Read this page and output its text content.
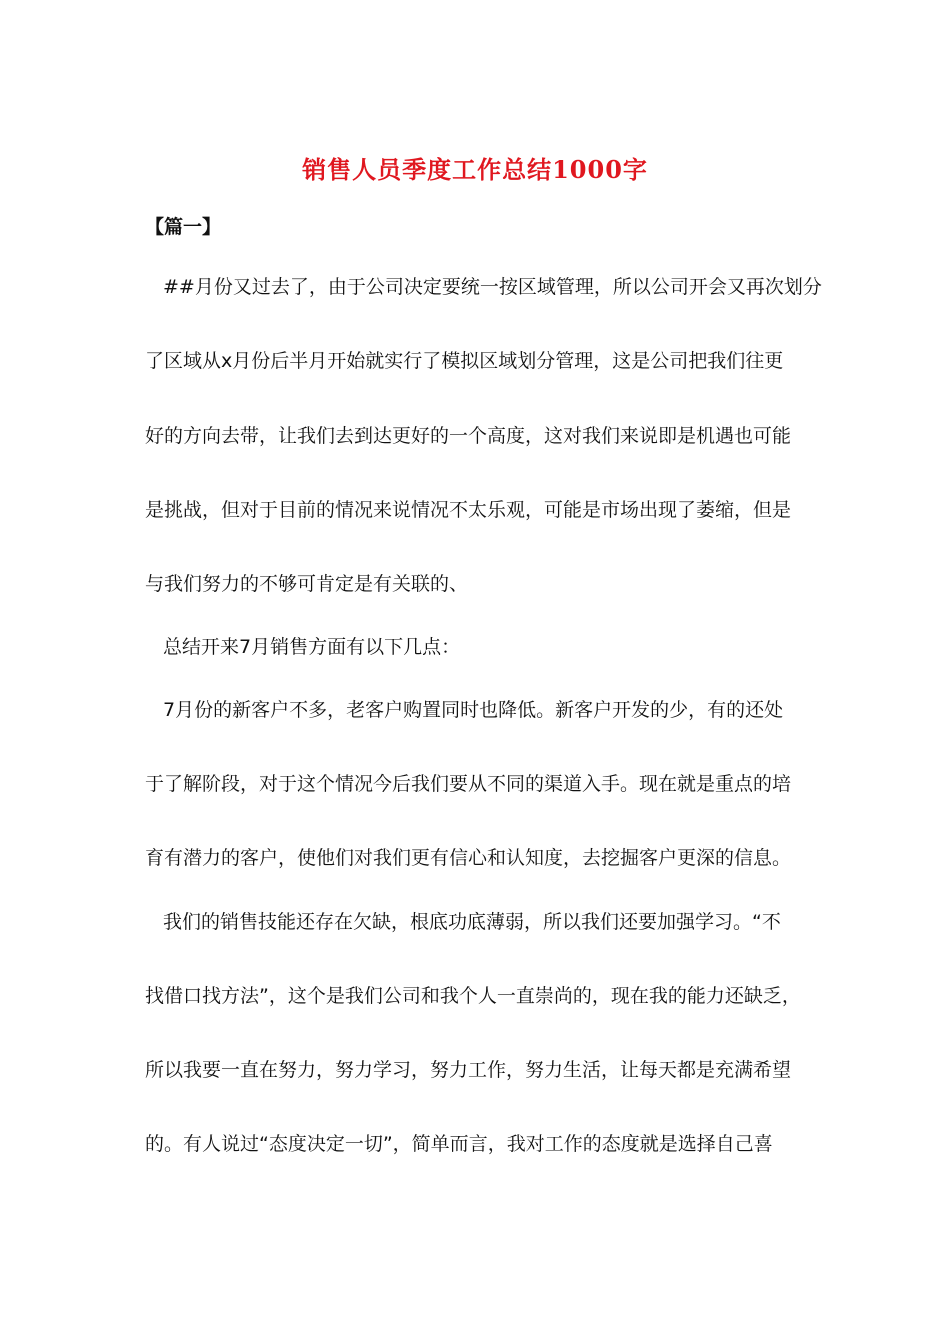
销售人员季度工作总结1000字
【篇一】
##月份又过去了，由于公司决定要统一按区域管理，所以公司开会又再次划分
了区域从x月份后半月开始就实行了模拟区域划分管理，这是公司把我们往更
好的方向去带，让我们去到达更好的一个高度，这对我们来说即是机遇也可能
是挑战，但对于目前的情况来说情况不太乐观，可能是市场出现了萎缩，但是
与我们努力的不够可肯定是有关联的、
总结开来7月销售方面有以下几点：
7月份的新客户不多，老客户购置同时也降低。新客户开发的少，有的还处
于了解阶段，对于这个情况今后我们要从不同的渠道入手。现在就是重点的培
育有潜力的客户，使他们对我们更有信心和认知度，去挖掘客户更深的信息。
我们的销售技能还存在欠缺，根底功底薄弱，所以我们还要加强学习。“不
找借口找方法”，这个是我们公司和我个人一直崇尚的，现在我的能力还缺乏，
所以我要一直在努力，努力学习，努力工作，努力生活，让每天都是充满希望
的。有人说过“态度决定一切”，简单而言，我对工作的态度就是选择自己喜
